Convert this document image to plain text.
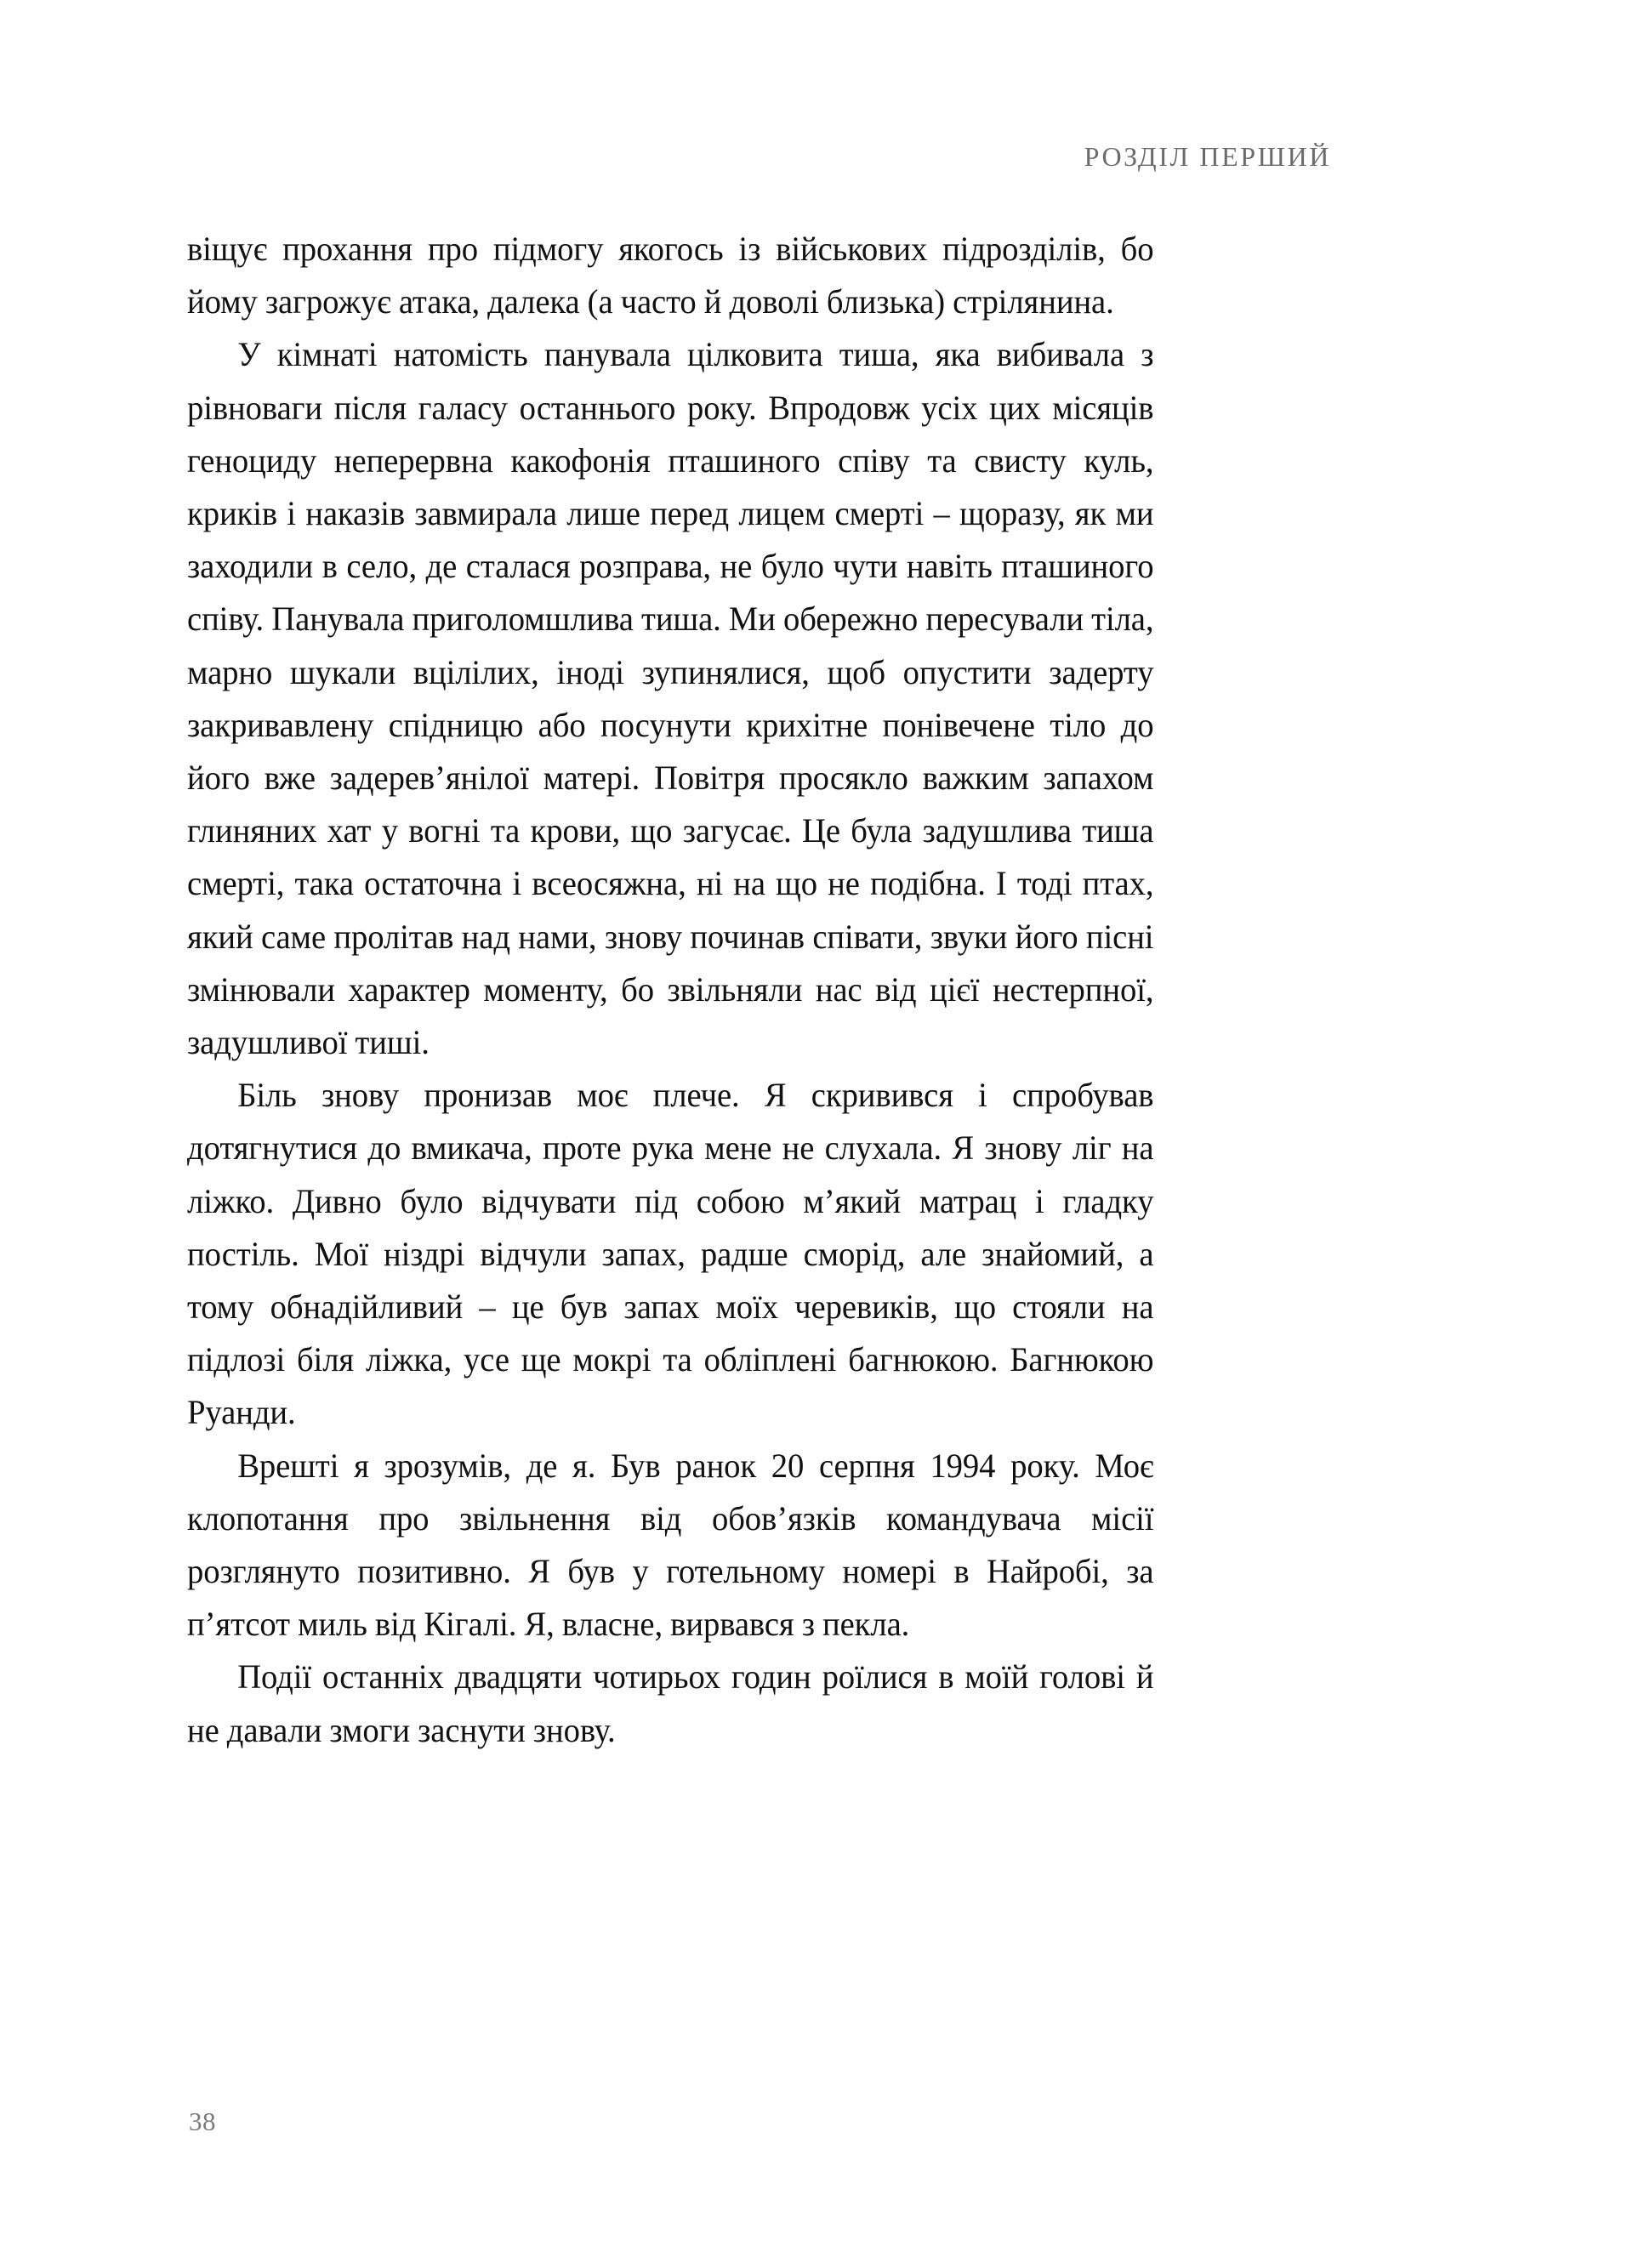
РОЗДІЛ ПЕРШИЙ

віщує прохання про підмогу якогось із військових підрозділів, бо йому загрожує атака, далека (а часто й доволі близька) стрілянина.

У кімнаті натомість панувала цілковита тиша, яка вибивала з рівноваги після галасу останнього року. Впродовж усіх цих місяців геноциду неперервна какофонія пташиного співу та свисту куль, криків і наказів завмирала лише перед лицем смерті – щоразу, як ми заходили в село, де сталася розправа, не було чути навіть пташиного співу. Панувала приголомшлива тиша. Ми обережно пересували тіла, марно шукали вцілілих, іноді зупинялися, щоб опустити задерту закривавлену спідницю або посунути крихітне понівечене тіло до його вже задерев’янілої матері. Повітря просякло важким запахом глиняних хат у вогні та крови, що загусає. Це була задушлива тиша смерті, така остаточна і всеосяжна, ні на що не подібна. І тоді птах, який саме пролітав над нами, знову починав співати, звуки його пісні змінювали характер моменту, бо звільняли нас від цієї нестерпної, задушливої тиші.

Біль знову пронизав моє плече. Я скривився і спробував дотягнутися до вмикача, проте рука мене не слухала. Я знову ліг на ліжко. Дивно було відчувати під собою м’який матрац і гладку постіль. Мої ніздрі відчули запах, радше сморід, але знайомий, а тому обнадійливий – це був запах моїх черевиків, що стояли на підлозі біля ліжка, усе ще мокрі та обліплені багнюкою. Багнюкою Руанди.

Врешті я зрозумів, де я. Був ранок 20 серпня 1994 року. Моє клопотання про звільнення від обов’язків командувача місії розглянуто позитивно. Я був у готельному номері в Найробі, за п’ятсот миль від Кігалі. Я, власне, вирвався з пекла.

Події останніх двадцяти чотирьох годин роїлися в моїй голові й не давали змоги заснути знову.

38
